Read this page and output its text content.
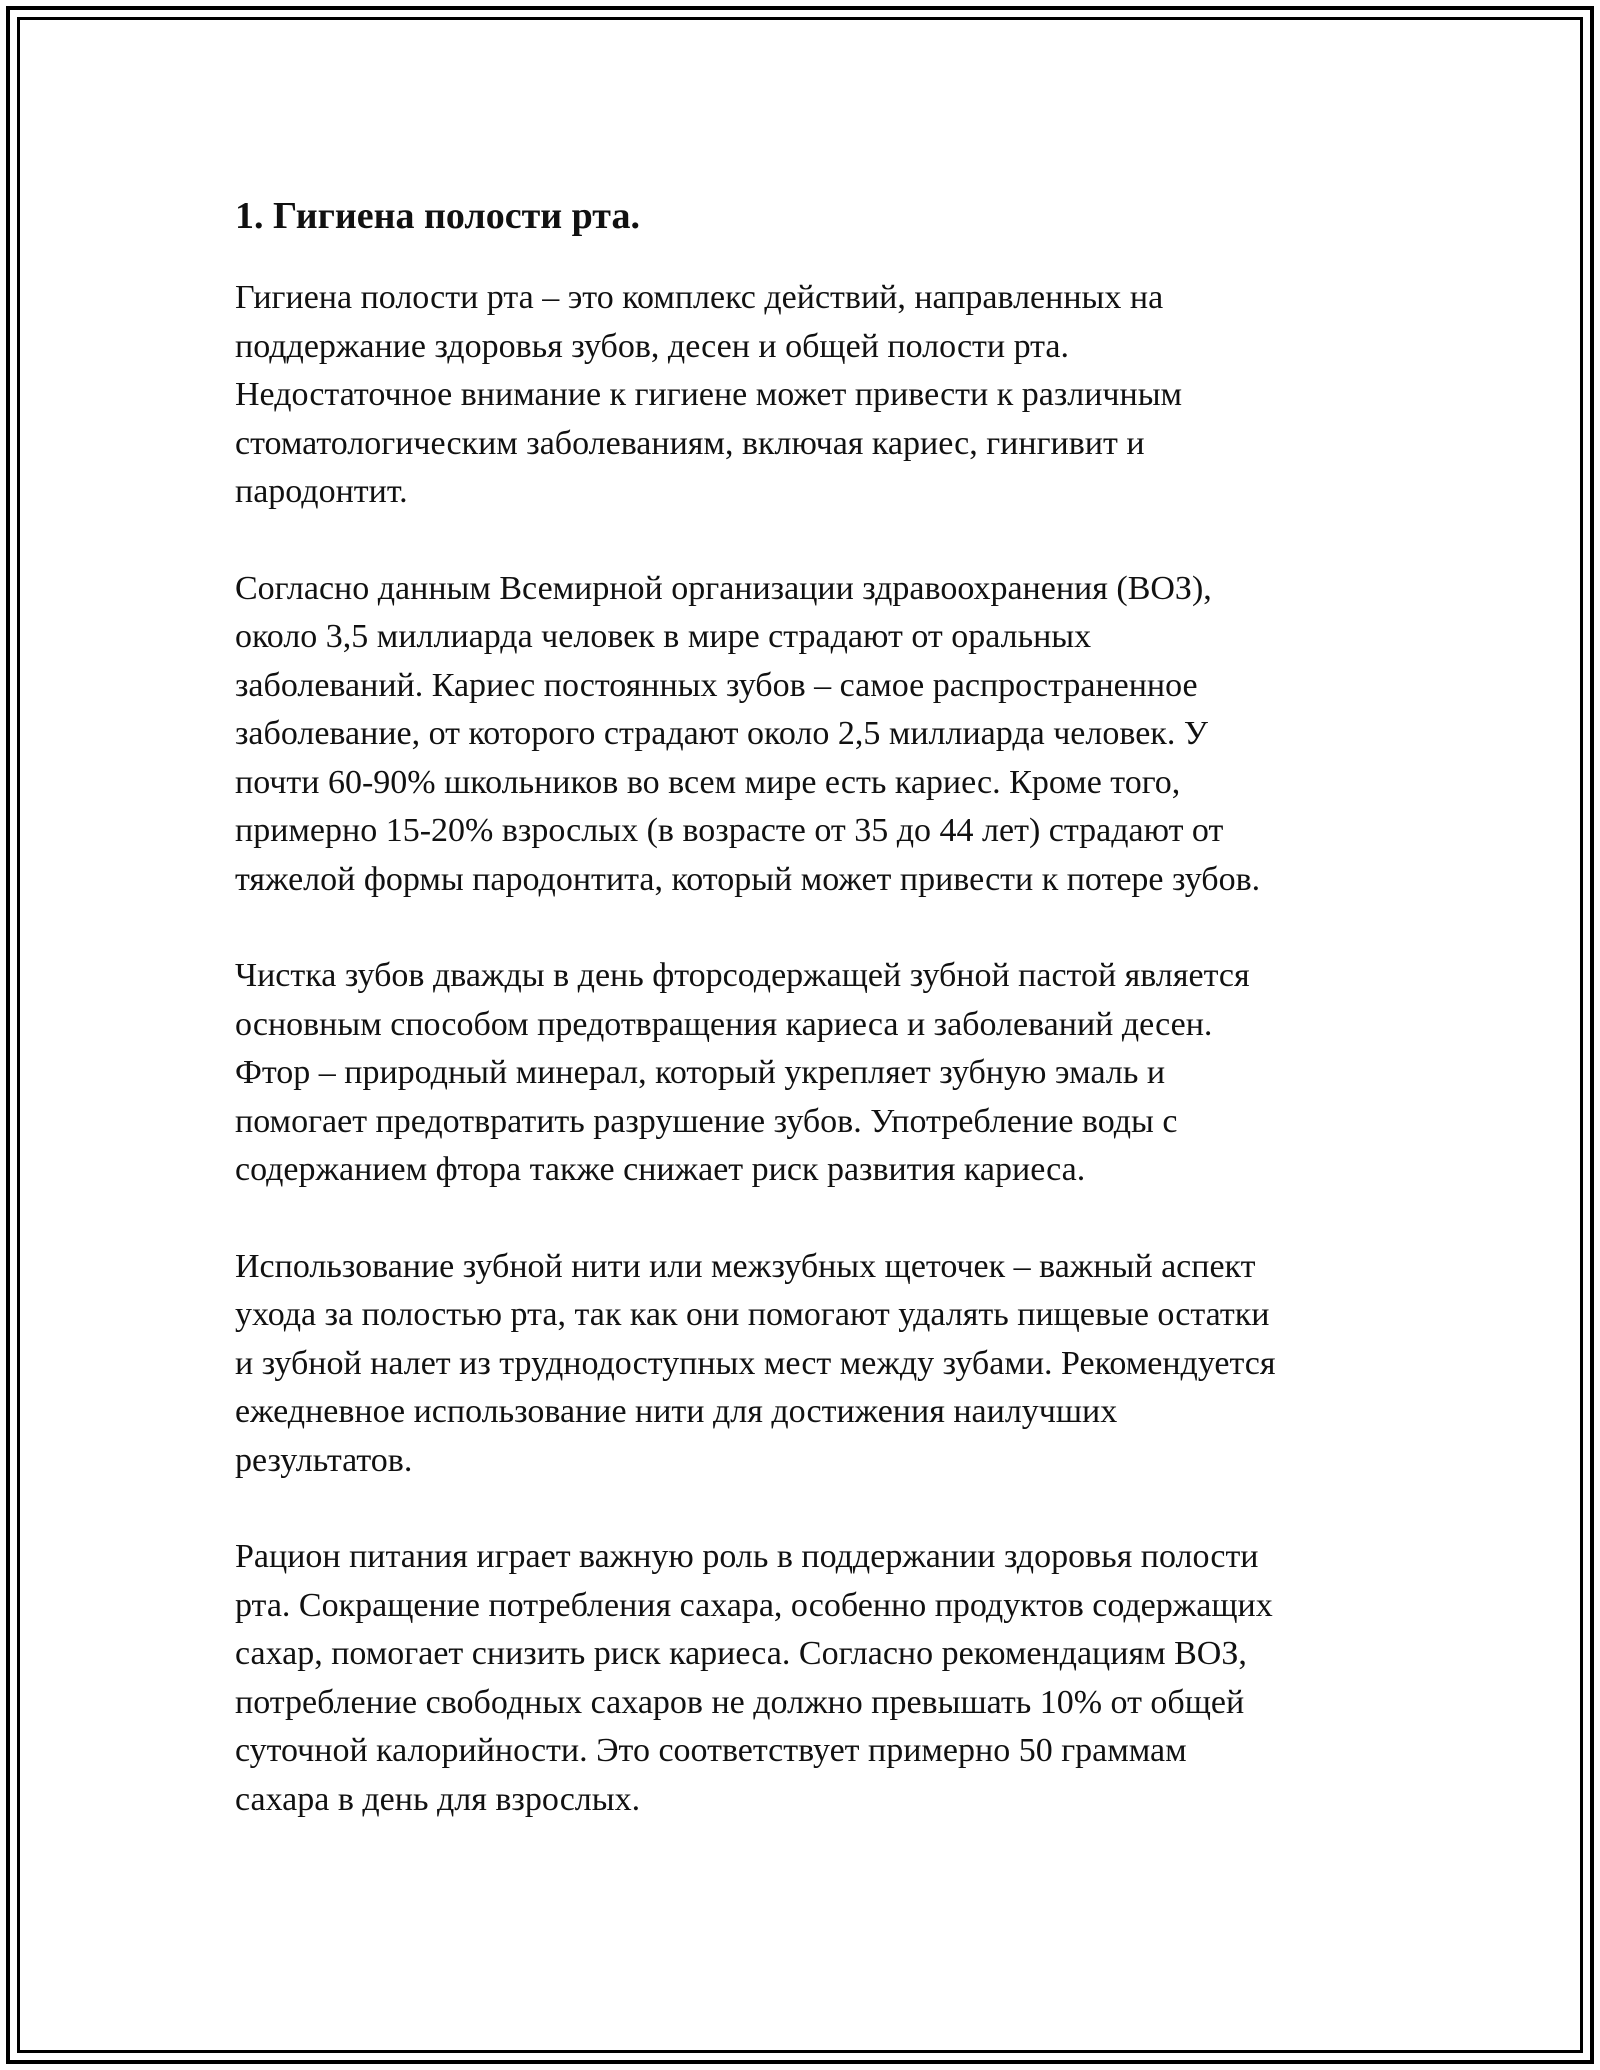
1. Гигиена полости рта.

Гигиена полости рта – это комплекс действий, направленных на
поддержание здоровья зубов, десен и общей полости рта.
Недостаточное внимание к гигиене может привести к различным
стоматологическим заболеваниям, включая кариес, гингивит и
пародонтит.

Согласно данным Всемирной организации здравоохранения (ВОЗ),
около 3,5 миллиарда человек в мире страдают от оральных
заболеваний. Кариес постоянных зубов – самое распространенное
заболевание, от которого страдают около 2,5 миллиарда человек. У
почти 60-90% школьников во всем мире есть кариес. Кроме того,
примерно 15-20% взрослых (в возрасте от 35 до 44 лет) страдают от
тяжелой формы пародонтита, который может привести к потере зубов.

Чистка зубов дважды в день фторсодержащей зубной пастой является
основным способом предотвращения кариеса и заболеваний десен.
Фтор – природный минерал, который укрепляет зубную эмаль и
помогает предотвратить разрушение зубов. Употребление воды с
содержанием фтора также снижает риск развития кариеса.

Использование зубной нити или межзубных щеточек – важный аспект
ухода за полостью рта, так как они помогают удалять пищевые остатки
и зубной налет из труднодоступных мест между зубами. Рекомендуется
ежедневное использование нити для достижения наилучших
результатов.

Рацион питания играет важную роль в поддержании здоровья полости
рта. Сокращение потребления сахара, особенно продуктов содержащих
сахар, помогает снизить риск кариеса. Согласно рекомендациям ВОЗ,
потребление свободных сахаров не должно превышать 10% от общей
суточной калорийности. Это соответствует примерно 50 граммам
сахара в день для взрослых.
